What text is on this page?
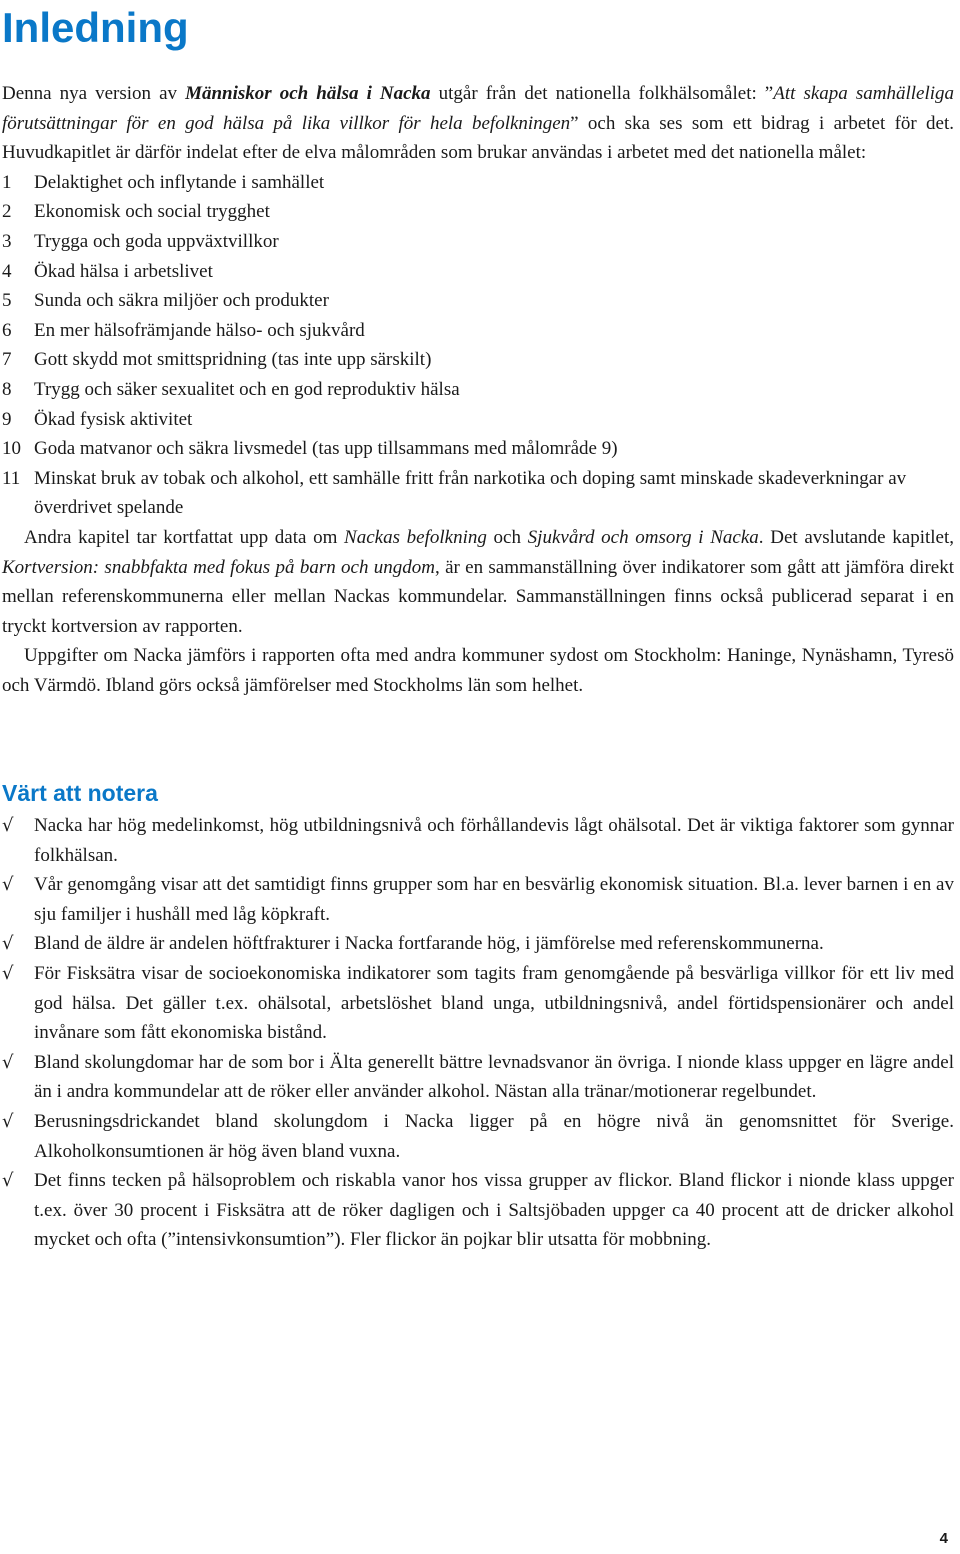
Inledning

Denna nya version av Människor och hälsa i Nacka utgår från det nationella folkhälsomålet: ”Att skapa samhälleliga förutsättningar för en god hälsa på lika villkor för hela befolkningen” och ska ses som ett bidrag i arbetet för det. Huvudkapitlet är därför indelat efter de elva målområden som brukar användas i arbetet med det nationella målet:

1 Delaktighet och inflytande i samhället
2 Ekonomisk och social trygghet
3 Trygga och goda uppväxtvillkor
4 Ökad hälsa i arbetslivet
5 Sunda och säkra miljöer och produkter
6 En mer hälsofrämjande hälso- och sjukvård
7 Gott skydd mot smittspridning (tas inte upp särskilt)
8 Trygg och säker sexualitet och en god reproduktiv hälsa
9 Ökad fysisk aktivitet
10 Goda matvanor och säkra livsmedel (tas upp tillsammans med målområde 9)
11 Minskat bruk av tobak och alkohol, ett samhälle fritt från narkotika och doping samt minskade skadeverkningar av överdrivet spelande

Andra kapitel tar kortfattat upp data om Nackas befolkning och Sjukvård och omsorg i Nacka. Det avslutande kapitlet, Kortversion: snabbfakta med fokus på barn och ungdom, är en sammanställning över indikatorer som gått att jämföra direkt mellan referenskommunerna eller mellan Nackas kommundelar. Sammanställningen finns också publicerad separat i en tryckt kortversion av rapporten.

Uppgifter om Nacka jämförs i rapporten ofta med andra kommuner sydost om Stockholm: Haninge, Nynäshamn, Tyresö och Värmdö. Ibland görs också jämförelser med Stockholms län som helhet.

Värt att notera
√ Nacka har hög medelinkomst, hög utbildningsnivå och förhållandevis lågt ohälsotal. Det är viktiga faktorer som gynnar folkhälsan.
√ Vår genomgång visar att det samtidigt finns grupper som har en besvärlig ekonomisk situation. Bl.a. lever barnen i en av sju familjer i hushåll med låg köpkraft.
√ Bland de äldre är andelen höftfrakturer i Nacka fortfarande hög, i jämförelse med referenskommunerna.
√ För Fisksätra visar de socioekonomiska indikatorer som tagits fram genomgående på besvärliga villkor för ett liv med god hälsa. Det gäller t.ex. ohälsotal, arbetslöshet bland unga, utbildningsnivå, andel förtidspensionärer och andel invånare som fått ekonomiska bistånd.
√ Bland skolungdomar har de som bor i Älta generellt bättre levnadsvanor än övriga. I nionde klass uppger en lägre andel än i andra kommundelar att de röker eller använder alkohol. Nästan alla tränar/motionerar regelbundet.
√ Berusningsdrickandet bland skolungdom i Nacka ligger på en högre nivå än genomsnittet för Sverige. Alkoholkonsumtionen är hög även bland vuxna.
√ Det finns tecken på hälsoproblem och riskabla vanor hos vissa grupper av flickor. Bland flickor i nionde klass uppger t.ex. över 30 procent i Fisksätra att de röker dagligen och i Saltsjöbaden uppger ca 40 procent att de dricker alkohol mycket och ofta (”intensivkonsumtion”). Fler flickor än pojkar blir utsatta för mobbning.
4
